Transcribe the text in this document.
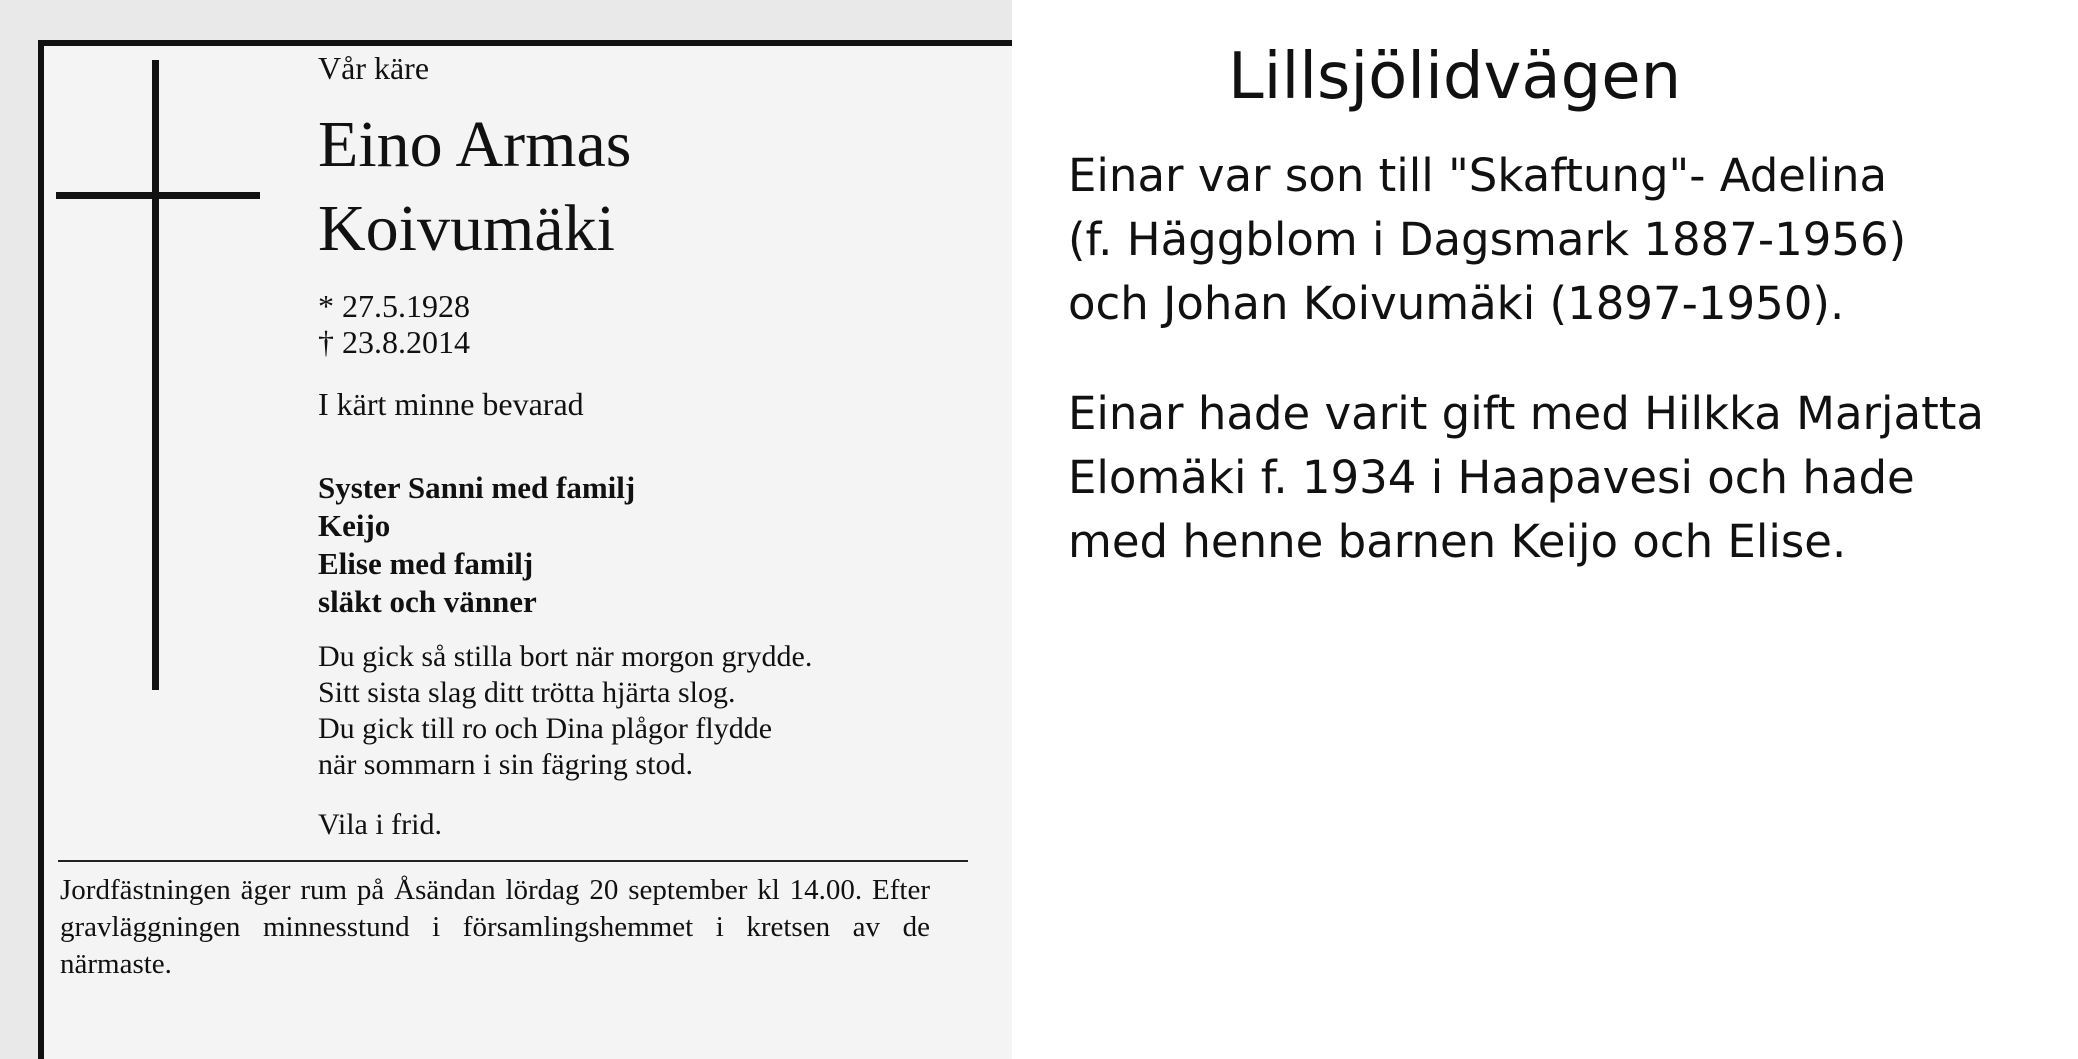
Vår käre
Eino Armas
Koivumäki
* 27.5.1928
† 23.8.2014
I kärt minne bevarad
Syster Sanni med familj
Keijo
Elise med familj
släkt och vänner
Du gick så stilla bort när morgon grydde.
Sitt sista slag ditt trötta hjärta slog.
Du gick till ro och Dina plågor flydde
när sommarn i sin fägring stod.
Vila i frid.
Jordfästningen äger rum på Åsändan lördag 20 september kl 14.00. Efter gravläggningen minnesstund i församlingshemmet i kretsen av de närmaste.
Lillsjölidvägen
Einar var son till "Skaftung"- Adelina
(f. Häggblom i Dagsmark 1887-1956)
och Johan Koivumäki (1897-1950).
Einar hade varit gift med Hilkka Marjatta
Elomäki f. 1934 i Haapavesi och hade
med henne barnen Keijo och Elise.
